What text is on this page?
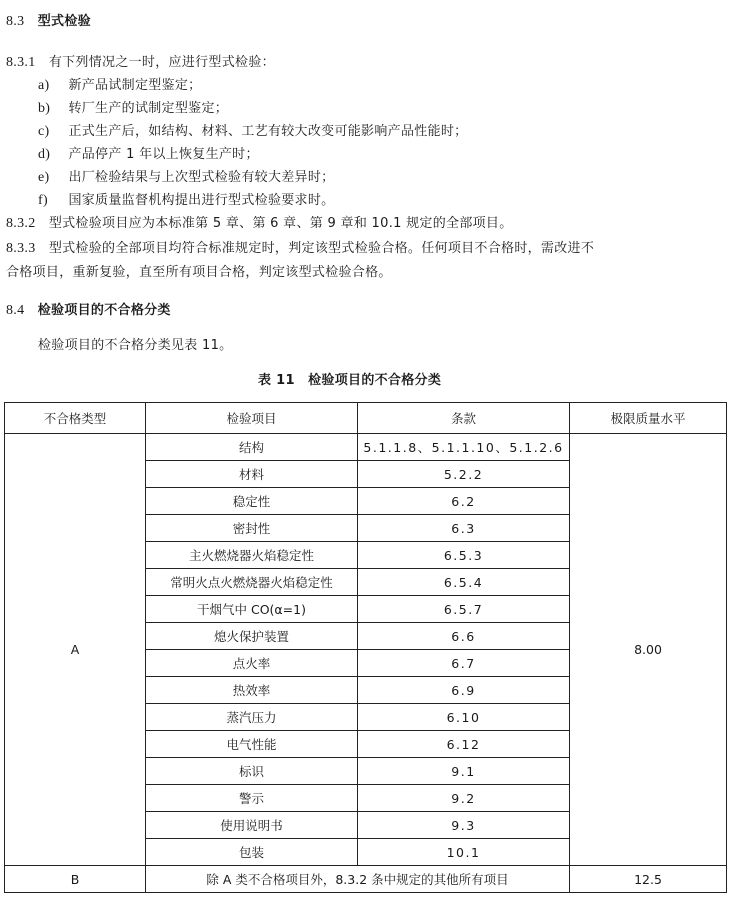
8.3 型式检验
8.3.1 有下列情况之一时，应进行型式检验：
a) 新产品试制定型鉴定；
b) 转厂生产的试制定型鉴定；
c) 正式生产后，如结构、材料、工艺有较大改变可能影响产品性能时；
d) 产品停产 1 年以上恢复生产时；
e) 出厂检验结果与上次型式检验有较大差异时；
f) 国家质量监督机构提出进行型式检验要求时。
8.3.2 型式检验项目应为本标准第 5 章、第 6 章、第 9 章和 10.1 规定的全部项目。
8.3.3 型式检验的全部项目均符合标准规定时，判定该型式检验合格。任何项目不合格时，需改进不
合格项目，重新复验，直至所有项目合格，判定该型式检验合格。
8.4 检验项目的不合格分类
检验项目的不合格分类见表 11。
表 11　检验项目的不合格分类
不合格类型	检验项目	条款	极限质量水平
A	结构	5.1.1.8、5.1.1.10、5.1.2.6	8.00
	材料	5.2.2	
	稳定性	6.2	
	密封性	6.3	
	主火燃烧器火焰稳定性	6.5.3	
	常明火点火燃烧器火焰稳定性	6.5.4	
	干烟气中 CO(α=1)	6.5.7	
	熄火保护装置	6.6	
	点火率	6.7	
	热效率	6.9	
	蒸汽压力	6.10	
	电气性能	6.12	
	标识	9.1	
	警示	9.2	
	使用说明书	9.3	
	包装	10.1	
B	除 A 类不合格项目外，8.3.2 条中规定的其他所有项目		12.5
